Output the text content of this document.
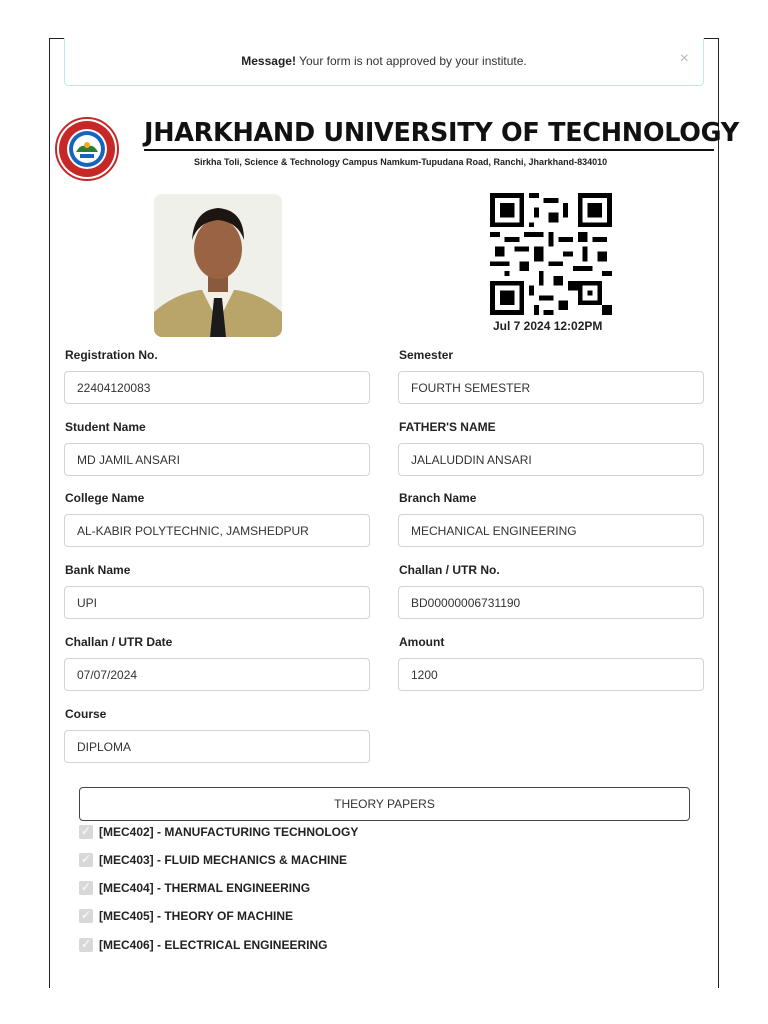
Message! Your form is not approved by your institute.	×
JHARKHAND UNIVERSITY OF TECHNOLOGY
Sirkha Toli, Science & Technology Campus Namkum-Tupudana Road, Ranchi, Jharkhand-834010
Jul 7 2024 12:02PM
Registration No.	Semester
22404120083	FOURTH SEMESTER
Student Name	FATHER'S NAME
MD JAMIL ANSARI	JALALUDDIN ANSARI
College Name	Branch Name
AL-KABIR POLYTECHNIC, JAMSHEDPUR	MECHANICAL ENGINEERING
Bank Name	Challan / UTR No.
UPI	BD00000006731190
Challan / UTR Date	Amount
07/07/2024	1200
Course
DIPLOMA
THEORY PAPERS
✓[MEC402] - MANUFACTURING TECHNOLOGY
✓[MEC403] - FLUID MECHANICS & MACHINE
✓[MEC404] - THERMAL ENGINEERING
✓[MEC405] - THEORY OF MACHINE
✓[MEC406] - ELECTRICAL ENGINEERING
